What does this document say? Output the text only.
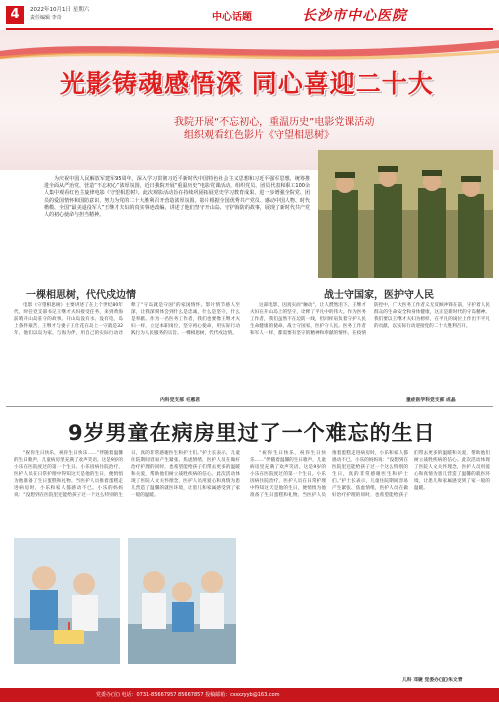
4	2022年10月1日 星期六
责任编辑 李奇	中心话题	长沙市中心医院
光影铸魂感悟深 同心喜迎二十大
我院开展“不忘初心，重温历史”电影党课活动
组织观看红色影片《守望相思树》

为庆祝中国人民解放军建军95周年，深入学习贯彻习近平新时代中国特色社会主义思想和习近平强军思想，统筹推进全面从严治党，营造“不忘初心”浓厚氛围，近日我院开展“重温历史”电影党课活动，组织党员、团员代表和职工100余人集中观看红色主旋律电影《守望相思树》。此次观影活动旨在持续巩固拓展党史学习教育成果，进一步增强全院党、团员的爱国情怀和国防意识，努力为党的二十大胜利召开营造浓厚氛围。影片根据全国优秀共产党员、感动中国人物、时代楷模、全国“最美退役军人”王继才夫妇的真实事迹改编，讲述了他们坚守开山岛、守护海防的故事，展现了新时代共产党人的初心使命与担当精神。

一棵相思树，代代戍边情

电影《守望相思树》主要讲述了在上个世纪80年代，时任党支部书记王继才夫妇接受任务，来到黄海前哨开山岛驻守的故事。开山岛没有水、没有电，岛上条件艰苦，王继才与妻子王仕花在岛上一守就是32年，他们以岛为家、与海为伴，用自己的实际行动诠释了“守岛就是守国”的家国情怀。影片情节感人至深，让我深刻体会到什么是忠诚，什么是坚守，什么是奉献。作为一名医务工作者，我们也要像王继才夫妇一样，立足本职岗位，坚守初心使命，用实际行动践行为人民服务的宗旨。一棵相思树，代代戍边情。

内科党支部 毛惠君
战士守国家，医护守人民

这部电影，因真实而“触动”，让人潸然泪下。王继才夫妇在开山岛上的坚守，诠释了平凡中的伟大。作为医务工作者，我们虽然不在边防一线，但同样肩负着守护人民生命健康的使命。战士守国家，医护守人民。医务工作者和军人一样，都需要有坚守的精神和奉献的情怀。在疫情防控中，广大医务工作者义无反顾冲锋在前，守护着人民群众的生命安全和身体健康，这正是新时代的守岛精神。我们要以王继才夫妇为榜样，在平凡的岗位上作出不平凡的贡献，以实际行动迎接党的二十大胜利召开。

重症医学科党支部 成晶
9岁男童在病房里过了一个难忘的生日

“祝你生日快乐，祝你生日快乐……”伴随着温馨的生日歌声，儿童病房里充满了欢声笑语。这是9岁的小乐在医院度过的第一个生日。小乐因病住院治疗，医护人员在日常护理中得知这天是他的生日，便悄悄为他准备了生日蛋糕和礼物。当医护人员推着蛋糕走进病房时，小乐和家人都感动不已。小乐的妈妈说：“没想到在医院里还能给孩子过一个这么特别的生日，真的非常感谢医生和护士们。”护士长表示，儿童住院期间容易产生紧张、焦虑情绪，医护人员在做好治疗护理的同时，也希望能给孩子们带去更多的温暖和关爱，帮助他们树立战胜疾病的信心。此次活动体现了医院人文关怀理念，医护人员用爱心和真情为患儿营造了温馨的就医环境，让患儿和家属感受到了家一般的温暖。

“祝你生日快乐，祝你生日快乐……”伴随着温馨的生日歌声，儿童病房里充满了欢声笑语。这是9岁的小乐在医院度过的第一个生日。小乐因病住院治疗，医护人员在日常护理中得知这天是他的生日，便悄悄为他准备了生日蛋糕和礼物。当医护人员推着蛋糕走进病房时，小乐和家人都感动不已。小乐的妈妈说：“没想到在医院里还能给孩子过一个这么特别的生日，真的非常感谢医生和护士们。”护士长表示，儿童住院期间容易产生紧张、焦虑情绪，医护人员在做好治疗护理的同时，也希望能给孩子们带去更多的温暖和关爱，帮助他们树立战胜疾病的信心。此次活动体现了医院人文关怀理念，医护人员用爱心和真情为患儿营造了温馨的就医环境，让患儿和家属感受到了家一般的温暖。

儿科 邓婕 党委办(宣)朱文青
党委办(宣) 电话：0731-85667957 85667857 投稿邮箱：cssxzyyb@163.com
